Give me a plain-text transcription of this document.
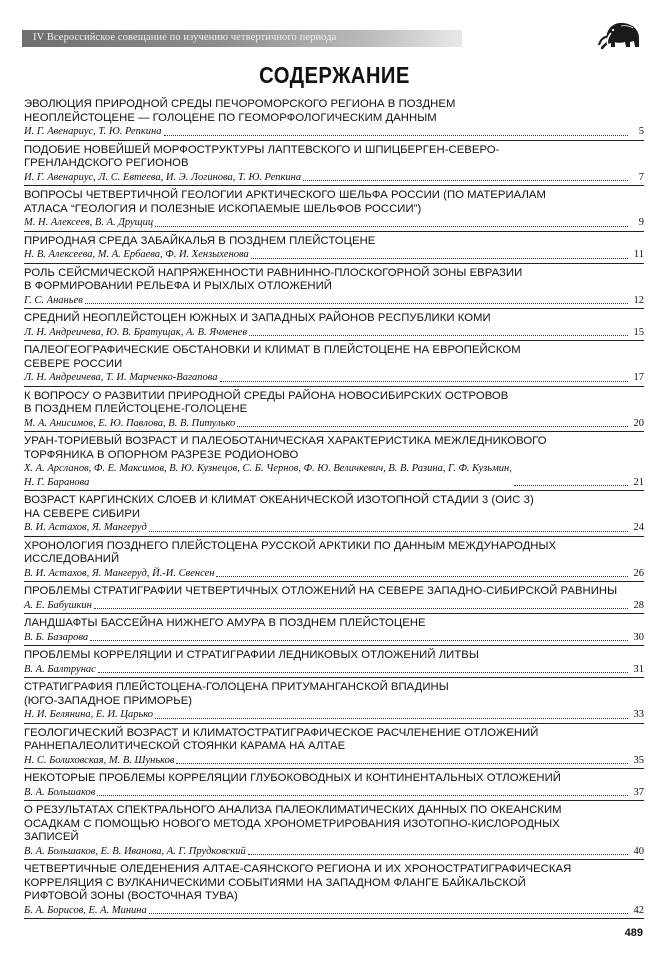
IV Всероссийское совещание по изучению четвертичного периода
СОДЕРЖАНИЕ
ЭВОЛЮЦИЯ ПРИРОДНОЙ СРЕДЫ ПЕЧОРОМОРСКОГО РЕГИОНА В ПОЗДНЕМ
НЕОПЛЕЙСТОЦЕНЕ — ГОЛОЦЕНЕ ПО ГЕОМОРФОЛОГИЧЕСКИМ ДАННЫМ
И. Г. Авенариус, Т. Ю. Репкина	5
ПОДОБИЕ НОВЕЙШЕЙ МОРФОСТРУКТУРЫ ЛАПТЕВСКОГО И ШПИЦБЕРГЕН-СЕВЕРО-
ГРЕНЛАНДСКОГО РЕГИОНОВ
И. Г. Авенариус, Л. С. Евтеева, И. Э. Логинова, Т. Ю. Репкина	7
ВОПРОСЫ ЧЕТВЕРТИЧНОЙ ГЕОЛОГИИ АРКТИЧЕСКОГО ШЕЛЬФА РОССИИ (ПО МАТЕРИАЛАМ
АТЛАСА “ГЕОЛОГИЯ И ПОЛЕЗНЫЕ ИСКОПАЕМЫЕ ШЕЛЬФОВ РОССИИ”)
М. Н. Алексеев, В. А. Друщиц	9
ПРИРОДНАЯ СРЕДА ЗАБАЙКАЛЬЯ В ПОЗДНЕМ ПЛЕЙСТОЦЕНЕ
Н. В. Алексеева, М. А. Ербаева, Ф. И. Хензыхенова	11
РОЛЬ СЕЙСМИЧЕСКОЙ НАПРЯЖЕННОСТИ РАВНИННО-ПЛОСКОГОРНОЙ ЗОНЫ ЕВРАЗИИ
В ФОРМИРОВАНИИ РЕЛЬЕФА И РЫХЛЫХ ОТЛОЖЕНИЙ
Г. С. Ананьев	12
СРЕДНИЙ НЕОПЛЕЙСТОЦЕН ЮЖНЫХ И ЗАПАДНЫХ РАЙОНОВ РЕСПУБЛИКИ КОМИ
Л. Н. Андреичева, Ю. В. Братущак, А. В. Ячменев	15
ПАЛЕОГЕОГРАФИЧЕСКИЕ ОБСТАНОВКИ И КЛИМАТ В ПЛЕЙСТОЦЕНЕ НА ЕВРОПЕЙСКОМ
СЕВЕРЕ РОССИИ
Л. Н. Андреичева, Т. И. Марченко-Вагапова	17
К ВОПРОСУ О РАЗВИТИИ ПРИРОДНОЙ СРЕДЫ РАЙОНА НОВОСИБИРСКИХ ОСТРОВОВ
В ПОЗДНЕМ ПЛЕЙСТОЦЕНЕ-ГОЛОЦЕНЕ
М. А. Анисимов, Е. Ю. Павлова, В. В. Питулько	20
УРАН-ТОРИЕВЫЙ ВОЗРАСТ И ПАЛЕОБОТАНИЧЕСКАЯ ХАРАКТЕРИСТИКА МЕЖЛЕДНИКОВОГО
ТОРФЯНИКА В ОПОРНОМ РАЗРЕЗЕ РОДИОНОВО
Х. А. Арсланов, Ф. Е. Максимов, В. Ю. Кузнецов, С. Б. Чернов, Ф. Ю. Величкевич, В. В. Разина, Г. Ф. Кузьмин,
Н. Г. Баранова	21
ВОЗРАСТ КАРГИНСКИХ СЛОЕВ И КЛИМАТ ОКЕАНИЧЕСКОЙ ИЗОТОПНОЙ СТАДИИ 3 (ОИС 3)
НА СЕВЕРЕ СИБИРИ
В. И. Астахов, Я. Мангеруд	24
ХРОНОЛОГИЯ ПОЗДНЕГО ПЛЕЙСТОЦЕНА РУССКОЙ АРКТИКИ ПО ДАННЫМ МЕЖДУНАРОДНЫХ
ИССЛЕДОВАНИЙ
В. И. Астахов, Я. Мангеруд, Й.-И. Свенсен	26
ПРОБЛЕМЫ СТРАТИГРАФИИ ЧЕТВЕРТИЧНЫХ ОТЛОЖЕНИЙ НА СЕВЕРЕ ЗАПАДНО-СИБИРСКОЙ РАВНИНЫ
А. Е. Бабушкин	28
ЛАНДШАФТЫ БАССЕЙНА НИЖНЕГО АМУРА В ПОЗДНЕМ ПЛЕЙСТОЦЕНЕ
В. Б. Базарова	30
ПРОБЛЕМЫ КОРРЕЛЯЦИИ И СТРАТИГРАФИИ ЛЕДНИКОВЫХ ОТЛОЖЕНИЙ ЛИТВЫ
В. А. Балтрунас	31
СТРАТИГРАФИЯ ПЛЕЙСТОЦЕНА-ГОЛОЦЕНА ПРИТУМАНГАНСКОЙ ВПАДИНЫ
(ЮГО-ЗАПАДНОЕ ПРИМОРЬЕ)
Н. И. Белянина, Е. И. Царько	33
ГЕОЛОГИЧЕСКИЙ ВОЗРАСТ И КЛИМАТОСТРАТИГРАФИЧЕСКОЕ РАСЧЛЕНЕНИЕ ОТЛОЖЕНИЙ
РАННЕПАЛЕОЛИТИЧЕСКОЙ СТОЯНКИ КАРАМА НА АЛТАЕ
Н. С. Болиховская, М. В. Шуньков	35
НЕКОТОРЫЕ ПРОБЛЕМЫ КОРРЕЛЯЦИИ ГЛУБОКОВОДНЫХ И КОНТИНЕНТАЛЬНЫХ ОТЛОЖЕНИЙ
В. А. Большаков	37
О РЕЗУЛЬТАТАХ СПЕКТРАЛЬНОГО АНАЛИЗА ПАЛЕОКЛИМАТИЧЕСКИХ ДАННЫХ ПО ОКЕАНСКИМ
ОСАДКАМ С ПОМОЩЬЮ НОВОГО МЕТОДА ХРОНОМЕТРИРОВАНИЯ ИЗОТОПНО-КИСЛОРОДНЫХ
ЗАПИСЕЙ
В. А. Большаков, Е. В. Иванова, А. Г. Прудковский	40
ЧЕТВЕРТИЧНЫЕ ОЛЕДЕНЕНИЯ АЛТАЕ-САЯНСКОГО РЕГИОНА И ИХ ХРОНОСТРАТИГРАФИЧЕСКАЯ
КОРРЕЛЯЦИЯ С ВУЛКАНИЧЕСКИМИ СОБЫТИЯМИ НА ЗАПАДНОМ ФЛАНГЕ БАЙКАЛЬСКОЙ
РИФТОВОЙ ЗОНЫ (ВОСТОЧНАЯ ТУВА)
Б. А. Борисов, Е. А. Минина	42
489
